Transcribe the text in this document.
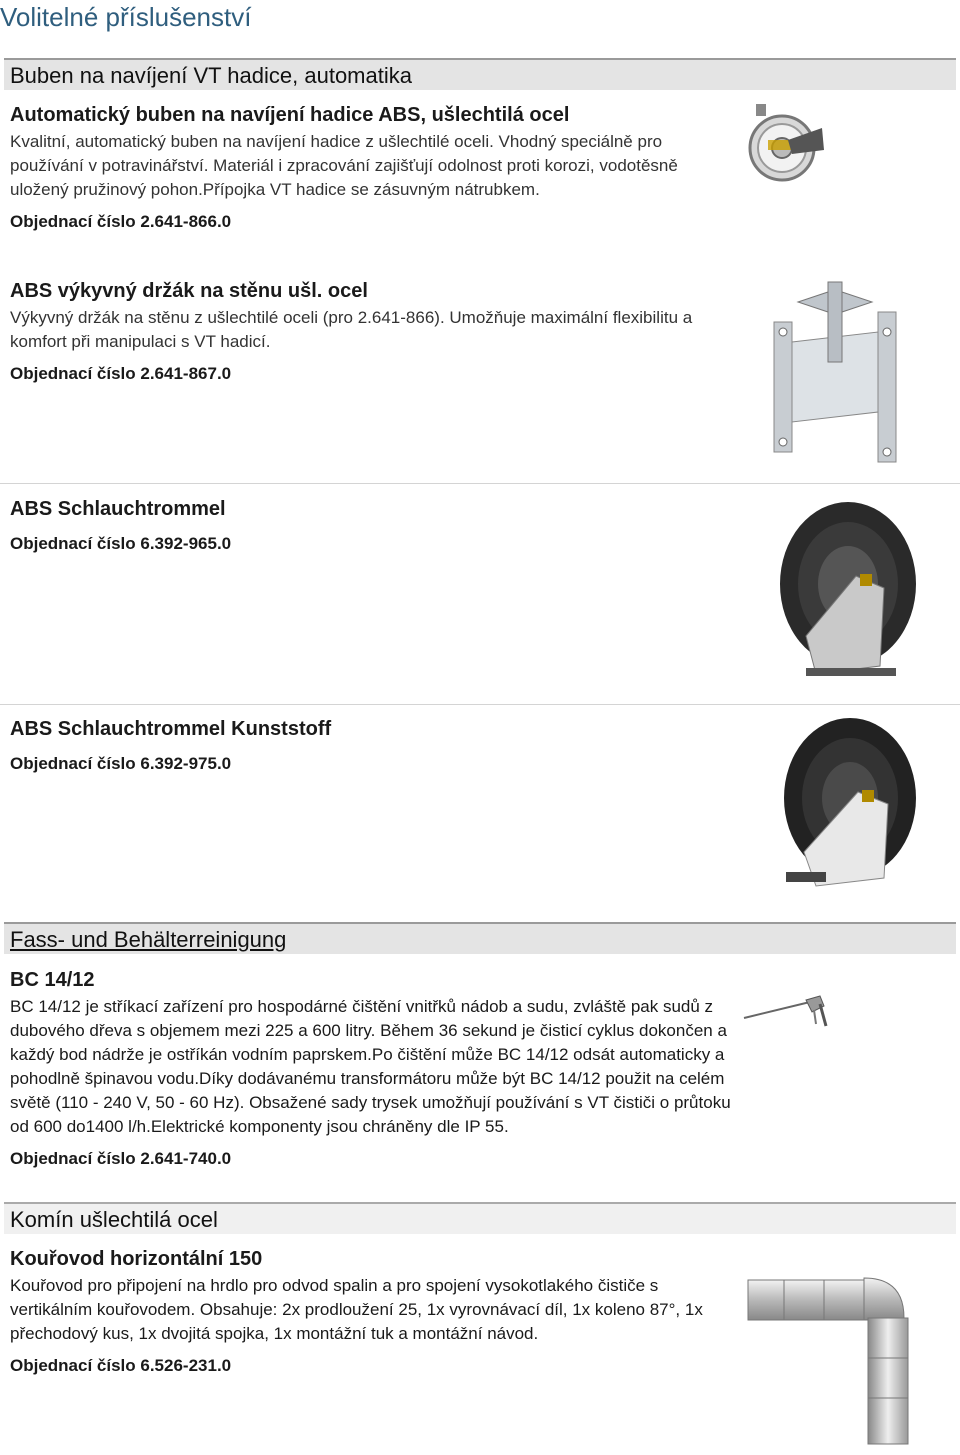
Volitelné příslušenství
Buben na navíjení VT hadice, automatika
Automatický buben na navíjení hadice ABS, ušlechtilá ocel

Kvalitní, automatický buben na navíjení hadice z ušlechtilé oceli. Vhodný speciálně pro používání v potravinářství. Materiál i zpracování zajišťují odolnost proti korozi, vodotěsně uložený pružinový pohon.Přípojka VT hadice se zásuvným nátrubkem.

Objednací číslo 2.641-866.0
ABS výkyvný držák na stěnu ušl. ocel

Výkyvný držák na stěnu z ušlechtilé oceli (pro 2.641-866). Umožňuje maximální flexibilitu a komfort při manipulaci s VT hadicí.

Objednací číslo 2.641-867.0
ABS Schlauchtrommel
Objednací číslo 6.392-965.0
ABS Schlauchtrommel Kunststoff
Objednací číslo 6.392-975.0
Fass- und Behälterreinigung
BC 14/12

BC 14/12 je stříkací zařízení pro hospodárné čištění vnitřků nádob a sudu, zvláště pak sudů z dubového dřeva s objemem mezi 225 a 600 litry. Během 36 sekund je čisticí cyklus dokončen a každý bod nádrže je ostříkán vodním paprskem.Po čištění může BC 14/12 odsát automaticky a pohodlně špinavou vodu.Díky dodávanému transformátoru může být BC 14/12 použit na celém světě (110 - 240 V, 50 - 60 Hz). Obsažené sady trysek umožňují používání s VT čističi o průtoku od 600 do1400 l/h.Elektrické komponenty jsou chráněny dle IP 55.

Objednací číslo 2.641-740.0
Komín ušlechtilá ocel
Kouřovod horizontální 150

Kouřovod pro připojení na hrdlo pro odvod spalin a pro spojení vysokotlakého čističe s vertikálním kouřovodem. Obsahuje: 2x prodloužení 25, 1x vyrovnávací díl, 1x koleno 87°, 1x přechodový kus, 1x dvojitá spojka, 1x montážní tuk a montážní návod.

Objednací číslo 6.526-231.0
